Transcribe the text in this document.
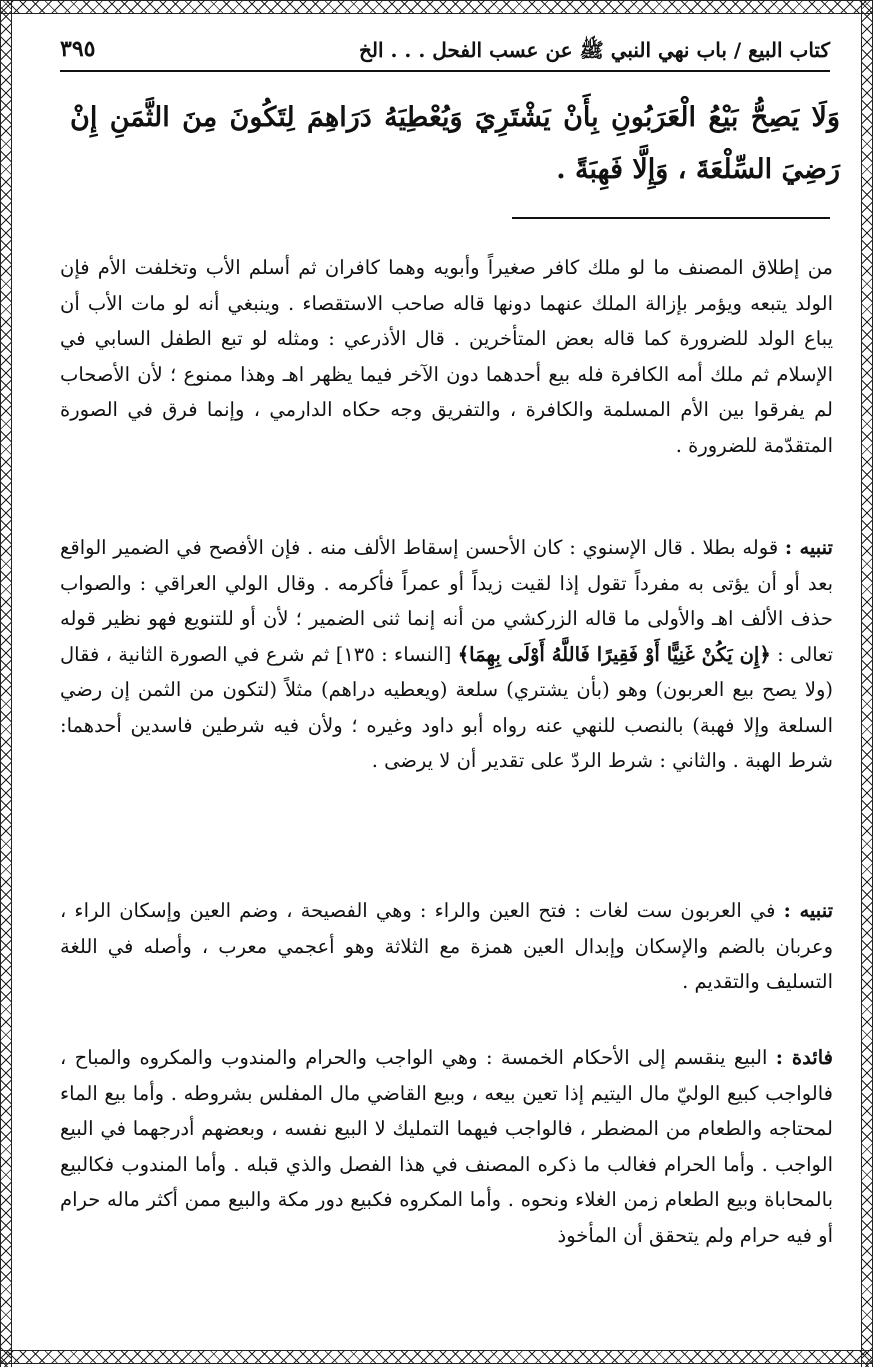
كتاب البيع / باب نهي النبي ﷺ عن عسب الفحل . . . الخ
٣٩٥
وَلَا يَصِحُّ بَيْعُ الْعَرَبُونِ بِأَنْ يَشْتَرِيَ وَيُعْطِيَهُ دَرَاهِمَ لِتَكُونَ مِنَ الثَّمَنِ إِنْ رَضِيَ السِّلْعَةَ ، وَإِلَّا فَهِبَةً .
من إطلاق المصنف ما لو ملك كافر صغيراً وأبويه وهما كافران ثم أسلم الأب وتخلفت الأم فإن الولد يتبعه ويؤمر بإزالة الملك عنهما دونها قاله صاحب الاستقصاء . وينبغي أنه لو مات الأب أن يباع الولد للضرورة كما قاله بعض المتأخرين . قال الأذرعي : ومثله لو تبع الطفل السابي في الإسلام ثم ملك أمه الكافرة فله بيع أحدهما دون الآخر فيما يظهر اهـ وهذا ممنوع ؛ لأن الأصحاب لم يفرقوا بين الأم المسلمة والكافرة ، والتفريق وجه حكاه الدارمي ، وإنما فرق في الصورة المتقدّمة للضرورة .
تنبيه : قوله بطلا . قال الإسنوي : كان الأحسن إسقاط الألف منه . فإن الأفصح في الضمير الواقع بعد أو أن يؤتى به مفرداً تقول إذا لقيت زيداً أو عمراً فأكرمه . وقال الولي العراقي : والصواب حذف الألف اهـ والأولى ما قاله الزركشي من أنه إنما ثنى الضمير ؛ لأن أو للتنويع فهو نظير قوله تعالى : ﴿إِن يَكُنْ غَنِيًّا أَوْ فَقِيرًا فَاللَّهُ أَوْلَى بِهِمَا﴾ [النساء : ١٣٥] ثم شرع في الصورة الثانية ، فقال (ولا يصح بيع العربون) وهو (بأن يشتري) سلعة (ويعطيه دراهم) مثلاً (لتكون من الثمن إن رضي السلعة وإلا فهبة) بالنصب للنهي عنه رواه أبو داود وغيره ؛ ولأن فيه شرطين فاسدين أحدهما: شرط الهبة . والثاني : شرط الردّ على تقدير أن لا يرضى .
تنبيه : في العربون ست لغات : فتح العين والراء : وهي الفصيحة ، وضم العين وإسكان الراء ، وعربان بالضم والإسكان وإبدال العين همزة مع الثلاثة وهو أعجمي معرب ، وأصله في اللغة التسليف والتقديم .
فائدة : البيع ينقسم إلى الأحكام الخمسة : وهي الواجب والحرام والمندوب والمكروه والمباح ، فالواجب كبيع الوليّ مال اليتيم إذا تعين بيعه ، وبيع القاضي مال المفلس بشروطه . وأما بيع الماء لمحتاجه والطعام من المضطر ، فالواجب فيهما التمليك لا البيع نفسه ، وبعضهم أدرجهما في البيع الواجب . وأما الحرام فغالب ما ذكره المصنف في هذا الفصل والذي قبله . وأما المندوب فكالبيع بالمحاباة وبيع الطعام زمن الغلاء ونحوه . وأما المكروه فكبيع دور مكة والبيع ممن أكثر ماله حرام أو فيه حرام ولم يتحقق أن المأخوذ
